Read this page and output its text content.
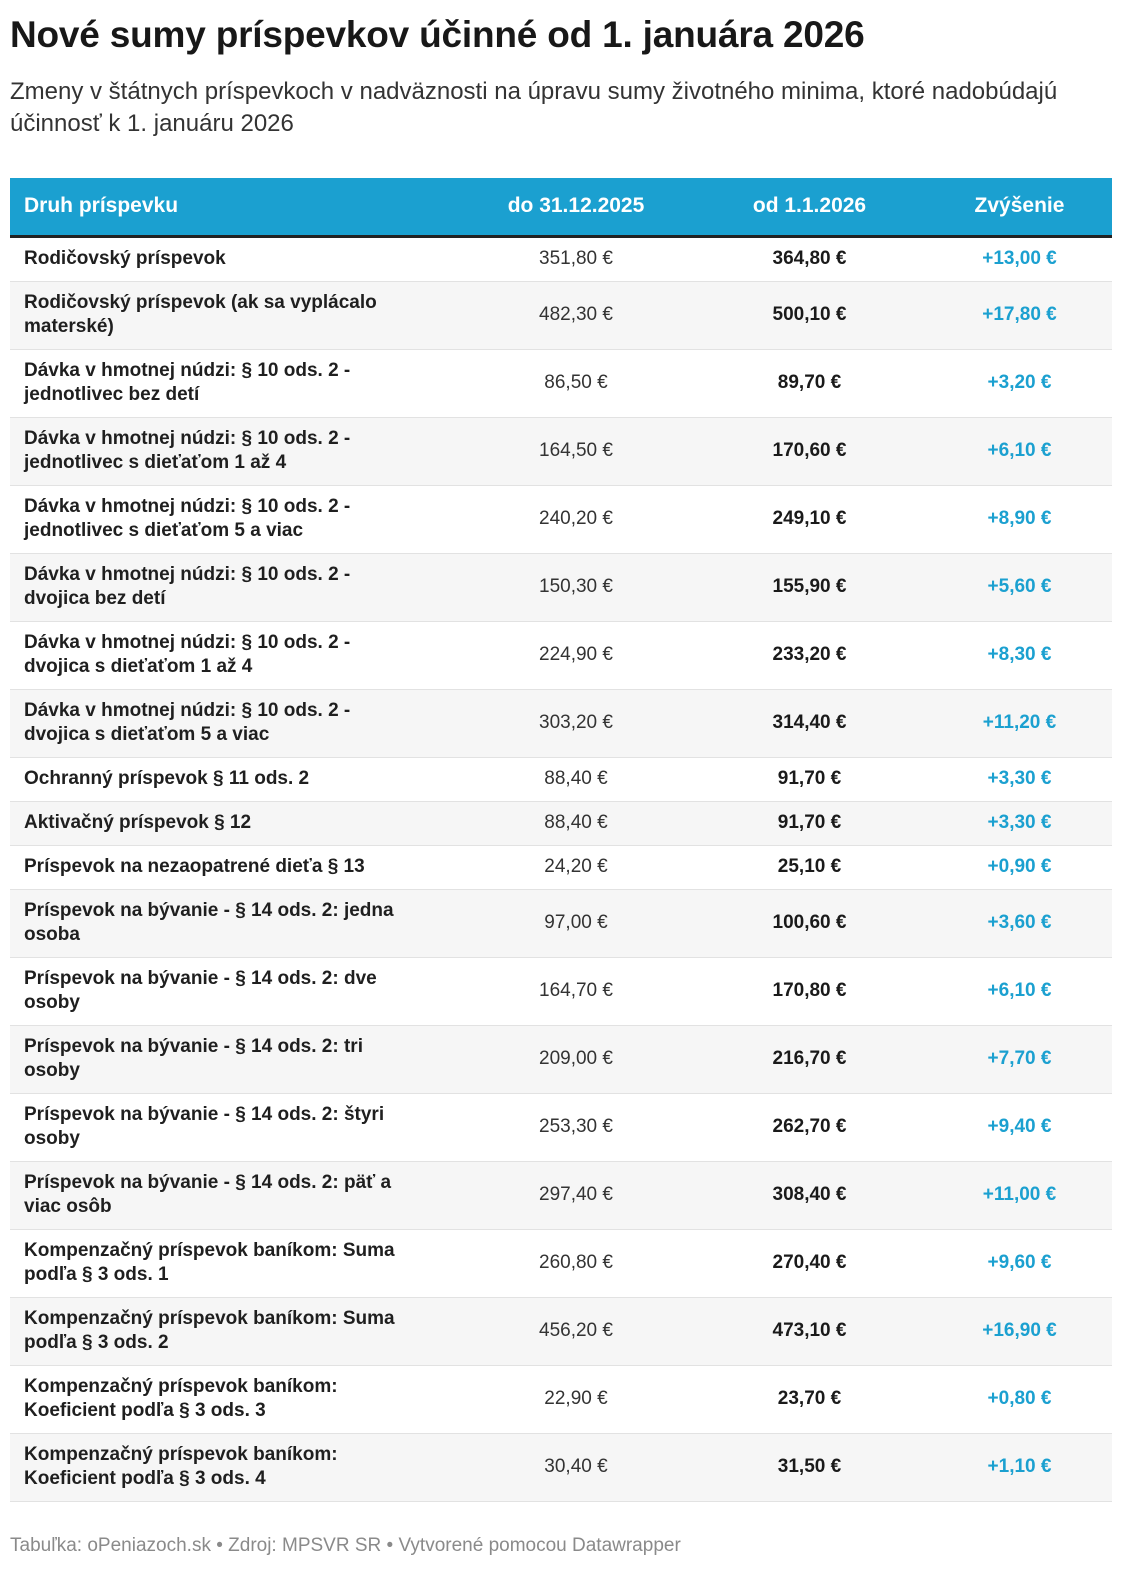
Nové sumy príspevkov účinné od 1. januára 2026

Zmeny v štátnych príspevkoch v nadväznosti na úpravu sumy životného minima, ktoré nadobúdajú účinnosť k 1. januáru 2026

Druh príspevku	do 31.12.2025	od 1.1.2026	Zvýšenie
Rodičovský príspevok	351,80 €	364,80 €	+13,00 €
Rodičovský príspevok (ak sa vyplácalo materské)	482,30 €	500,10 €	+17,80 €
Dávka v hmotnej núdzi: § 10 ods. 2 - jednotlivec bez detí	86,50 €	89,70 €	+3,20 €
Dávka v hmotnej núdzi: § 10 ods. 2 - jednotlivec s dieťaťom 1 až 4	164,50 €	170,60 €	+6,10 €
Dávka v hmotnej núdzi: § 10 ods. 2 - jednotlivec s dieťaťom 5 a viac	240,20 €	249,10 €	+8,90 €
Dávka v hmotnej núdzi: § 10 ods. 2 - dvojica bez detí	150,30 €	155,90 €	+5,60 €
Dávka v hmotnej núdzi: § 10 ods. 2 - dvojica s dieťaťom 1 až 4	224,90 €	233,20 €	+8,30 €
Dávka v hmotnej núdzi: § 10 ods. 2 - dvojica s dieťaťom 5 a viac	303,20 €	314,40 €	+11,20 €
Ochranný príspevok § 11 ods. 2	88,40 €	91,70 €	+3,30 €
Aktivačný príspevok § 12	88,40 €	91,70 €	+3,30 €
Príspevok na nezaopatrené dieťa § 13	24,20 €	25,10 €	+0,90 €
Príspevok na bývanie - § 14 ods. 2: jedna osoba	97,00 €	100,60 €	+3,60 €
Príspevok na bývanie - § 14 ods. 2: dve osoby	164,70 €	170,80 €	+6,10 €
Príspevok na bývanie - § 14 ods. 2: tri osoby	209,00 €	216,70 €	+7,70 €
Príspevok na bývanie - § 14 ods. 2: štyri osoby	253,30 €	262,70 €	+9,40 €
Príspevok na bývanie - § 14 ods. 2: päť a viac osôb	297,40 €	308,40 €	+11,00 €
Kompenzačný príspevok baníkom: Suma podľa § 3 ods. 1	260,80 €	270,40 €	+9,60 €
Kompenzačný príspevok baníkom: Suma podľa § 3 ods. 2	456,20 €	473,10 €	+16,90 €
Kompenzačný príspevok baníkom: Koeficient podľa § 3 ods. 3	22,90 €	23,70 €	+0,80 €
Kompenzačný príspevok baníkom: Koeficient podľa § 3 ods. 4	30,40 €	31,50 €	+1,10 €
Tabuľka: oPeniazoch.sk • Zdroj: MPSVR SR • Vytvorené pomocou Datawrapper
